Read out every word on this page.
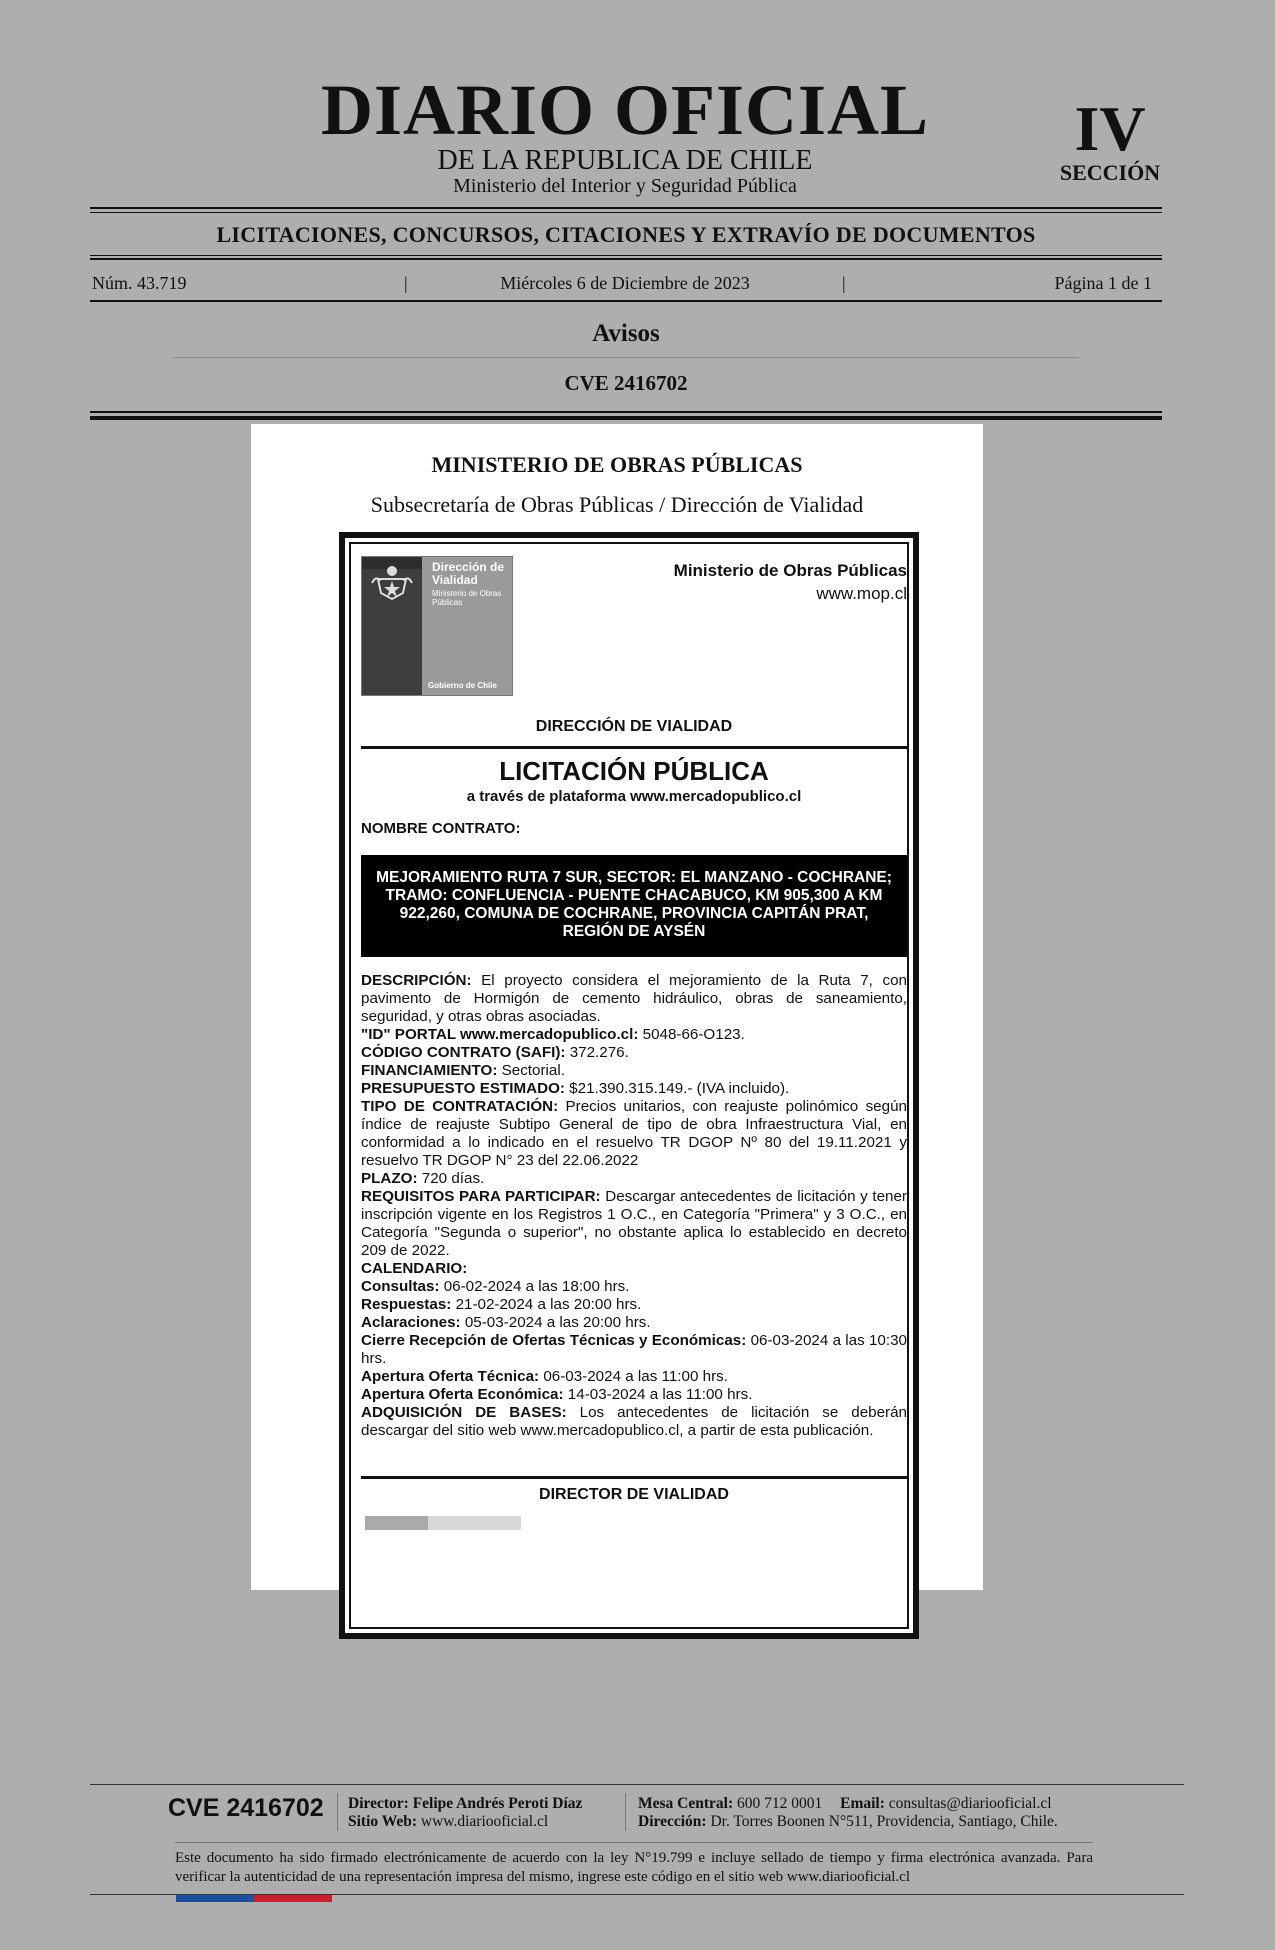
DIARIO OFICIAL
DE LA REPUBLICA DE CHILE
Ministerio del Interior y Seguridad Pública
IV
SECCIÓN
LICITACIONES, CONCURSOS, CITACIONES Y EXTRAVÍO DE DOCUMENTOS
Núm. 43.719	|	Miércoles 6 de Diciembre de 2023	|	Página 1 de 1
Avisos
CVE 2416702
MINISTERIO DE OBRAS PÚBLICAS
Subsecretaría de Obras Públicas / Dirección de Vialidad
Dirección de Vialidad
Ministerio de Obras Públicas
Gobierno de Chile
Ministerio de Obras Públicas
www.mop.cl
DIRECCIÓN DE VIALIDAD
LICITACIÓN PÚBLICA
a través de plataforma www.mercadopublico.cl
NOMBRE CONTRATO:
MEJORAMIENTO RUTA 7 SUR, SECTOR: EL MANZANO - COCHRANE; TRAMO: CONFLUENCIA - PUENTE CHACABUCO, KM 905,300 A KM 922,260, COMUNA DE COCHRANE, PROVINCIA CAPITÁN PRAT, REGIÓN DE AYSÉN

DESCRIPCIÓN: El proyecto considera el mejoramiento de la Ruta 7, con pavimento de Hormigón de cemento hidráulico, obras de saneamiento, seguridad, y otras obras asociadas.

"ID" PORTAL www.mercadopublico.cl: 5048-66-O123.

CÓDIGO CONTRATO (SAFI): 372.276.

FINANCIAMIENTO: Sectorial.

PRESUPUESTO ESTIMADO: $21.390.315.149.- (IVA incluido).

TIPO DE CONTRATACIÓN: Precios unitarios, con reajuste polinómico según índice de reajuste Subtipo General de tipo de obra Infraestructura Vial, en conformidad a lo indicado en el resuelvo TR DGOP Nº 80 del 19.11.2021 y resuelvo TR DGOP N° 23 del 22.06.2022

PLAZO: 720 días.

REQUISITOS PARA PARTICIPAR: Descargar antecedentes de licitación y tener inscripción vigente en los Registros 1 O.C., en Categoría "Primera" y 3 O.C., en Categoría "Segunda o superior", no obstante aplica lo establecido en decreto 209 de 2022.

CALENDARIO:

Consultas: 06-02-2024 a las 18:00 hrs.

Respuestas: 21-02-2024 a las 20:00 hrs.

Aclaraciones: 05-03-2024 a las 20:00 hrs.

Cierre Recepción de Ofertas Técnicas y Económicas: 06-03-2024 a las 10:30 hrs.

Apertura Oferta Técnica: 06-03-2024 a las 11:00 hrs.

Apertura Oferta Económica: 14-03-2024 a las 11:00 hrs.

ADQUISICIÓN DE BASES: Los antecedentes de licitación se deberán descargar del sitio web www.mercadopublico.cl, a partir de esta publicación.

DIRECTOR DE VIALIDAD
CVE 2416702 Director: Felipe Andrés Peroti Díaz
Sitio Web: www.diariooficial.cl
Mesa Central: 600 712 0001 Email: consultas@diariooficial.cl
Dirección: Dr. Torres Boonen N°511, Providencia, Santiago, Chile.
Este documento ha sido firmado electrónicamente de acuerdo con la ley N°19.799 e incluye sellado de tiempo y firma electrónica avanzada. Para verificar la autenticidad de una representación impresa del mismo, ingrese este código en el sitio web www.diariooficial.cl
